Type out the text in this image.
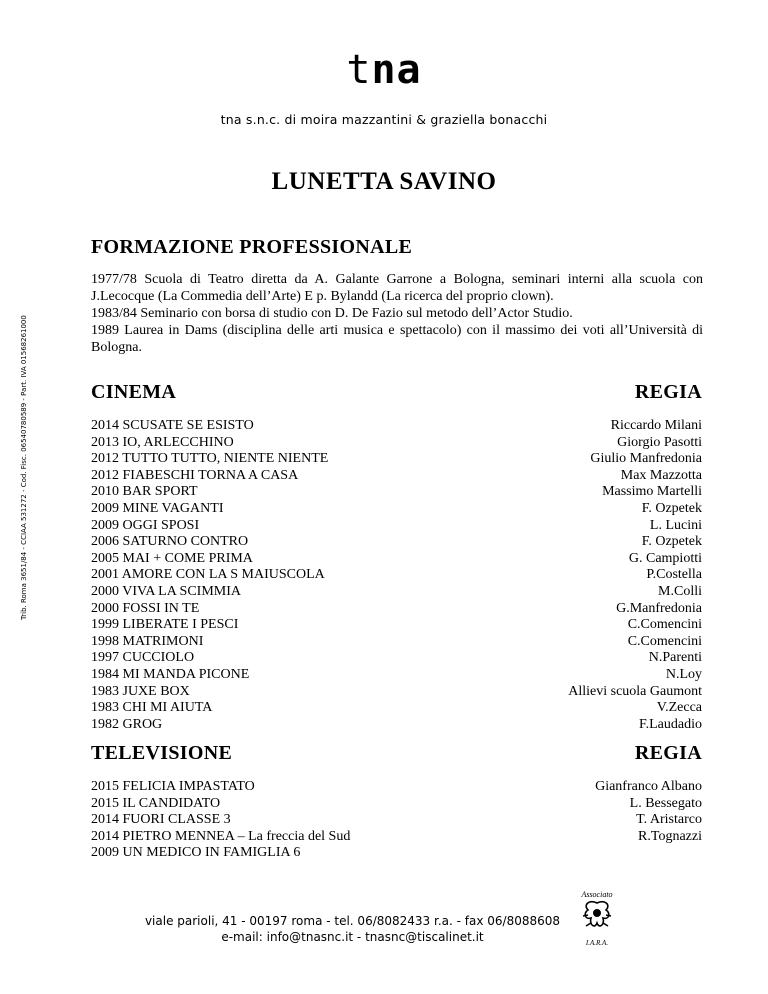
tna
tna s.n.c. di moira mazzantini & graziella bonacchi
Trib. Roma 3651/84 - CCIAA 531272 - Cod. Fisc. 06540780589 - Part. IVA 01568261000
LUNETTA SAVINO
FORMAZIONE PROFESSIONALE

1977/78 Scuola di Teatro diretta da A. Galante Garrone a Bologna, seminari interni alla scuola con J.Lecocque (La Commedia dell’Arte) E p. Bylandd (La ricerca del proprio clown).

1983/84 Seminario con borsa di studio con D. De Fazio sul metodo dell’Actor Studio.

1989 Laurea in Dams (disciplina delle arti musica e spettacolo) con il massimo dei voti all’Università di Bologna.

CINEMA	REGIA
2014 SCUSATE SE ESISTO
2013 IO, ARLECCHINO
2012 TUTTO TUTTO, NIENTE NIENTE
2012 FIABESCHI TORNA A CASA
2010 BAR SPORT
2009 MINE VAGANTI
2009 OGGI SPOSI
2006 SATURNO CONTRO
2005 MAI + COME PRIMA
2001 AMORE CON LA S MAIUSCOLA
2000 VIVA LA SCIMMIA
2000 FOSSI IN TE
1999 LIBERATE I PESCI
1998 MATRIMONI
1997 CUCCIOLO
1984 MI MANDA PICONE
1983 JUXE BOX
1983 CHI MI AIUTA
1982 GROG
Riccardo Milani
Giorgio Pasotti
Giulio Manfredonia
Max Mazzotta
Massimo Martelli
F. Ozpetek
L. Lucini
F. Ozpetek
G. Campiotti
P.Costella
M.Colli
G.Manfredonia
C.Comencini
C.Comencini
N.Parenti
N.Loy
Allievi scuola Gaumont
V.Zecca
F.Laudadio
TELEVISIONE	REGIA
2015 FELICIA IMPASTATO
2015 IL CANDIDATO
2014 FUORI CLASSE 3
2014 PIETRO MENNEA – La freccia del Sud
2009 UN MEDICO IN FAMIGLIA 6
Gianfranco Albano
L. Bessegato
T. Aristarco
R.Tognazzi
viale parioli, 41 - 00197 roma - tel. 06/8082433 r.a. - fax 06/8088608
e-mail: info@tnasnc.it - tnasnc@tiscalinet.it
Associato
I.A.R.A.
